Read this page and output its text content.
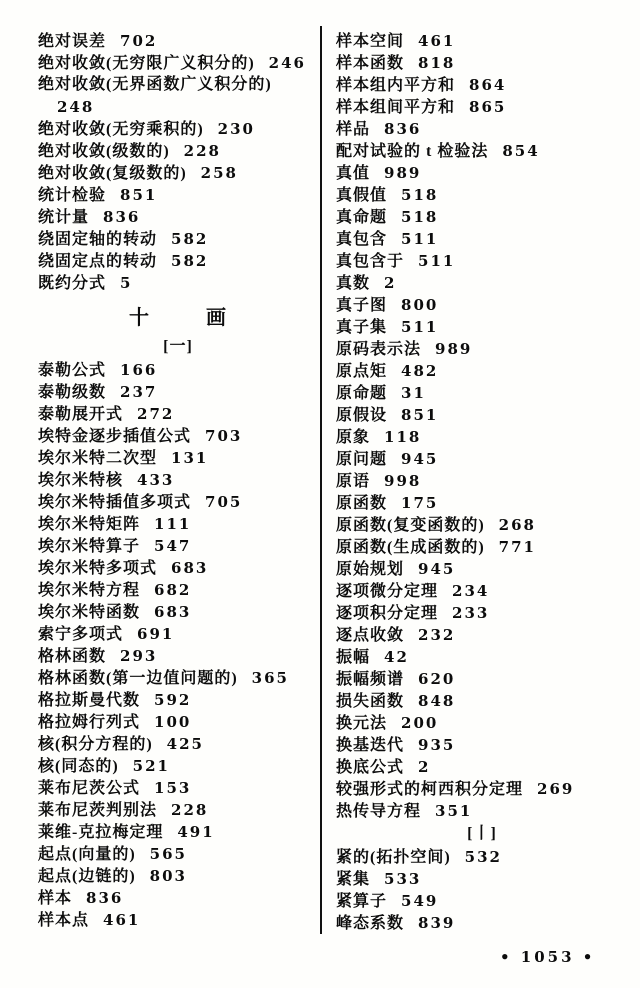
绝对误差 702
绝对收敛(无穷限广义积分的) 246
绝对收敛(无界函数广义积分的)
248
绝对收敛(无穷乘积的) 230
绝对收敛(级数的) 228
绝对收敛(复级数的) 258
统计检验 851
统计量 836
绕固定轴的转动 582
绕固定点的转动 582
既约分式 5
十	画
[一]
泰勒公式 166
泰勒级数 237
泰勒展开式 272
埃特金逐步插值公式 703
埃尔米特二次型 131
埃尔米特核 433
埃尔米特插值多项式 705
埃尔米特矩阵 111
埃尔米特算子 547
埃尔米特多项式 683
埃尔米特方程 682
埃尔米特函数 683
索宁多项式 691
格林函数 293
格林函数(第一边值问题的) 365
格拉斯曼代数 592
格拉姆行列式 100
核(积分方程的) 425
核(同态的) 521
莱布尼茨公式 153
莱布尼茨判别法 228
莱维-克拉梅定理 491
起点(向量的) 565
起点(边链的) 803
样本 836
样本点 461
样本空间 461
样本函数 818
样本组内平方和 864
样本组间平方和 865
样品 836
配对试验的 t 检验法 854
真值 989
真假值 518
真命题 518
真包含 511
真包含于 511
真数 2
真子图 800
真子集 511
原码表示法 989
原点矩 482
原命题 31
原假设 851
原象 118
原问题 945
原语 998
原函数 175
原函数(复变函数的) 268
原函数(生成函数的) 771
原始规划 945
逐项微分定理 234
逐项积分定理 233
逐点收敛 232
振幅 42
振幅频谱 620
损失函数 848
换元法 200
换基迭代 935
换底公式 2
较强形式的柯西积分定理 269
热传导方程 351
[丨]
紧的(拓扑空间) 532
紧集 533
紧算子 549
峰态系数 839
• 1053 •
